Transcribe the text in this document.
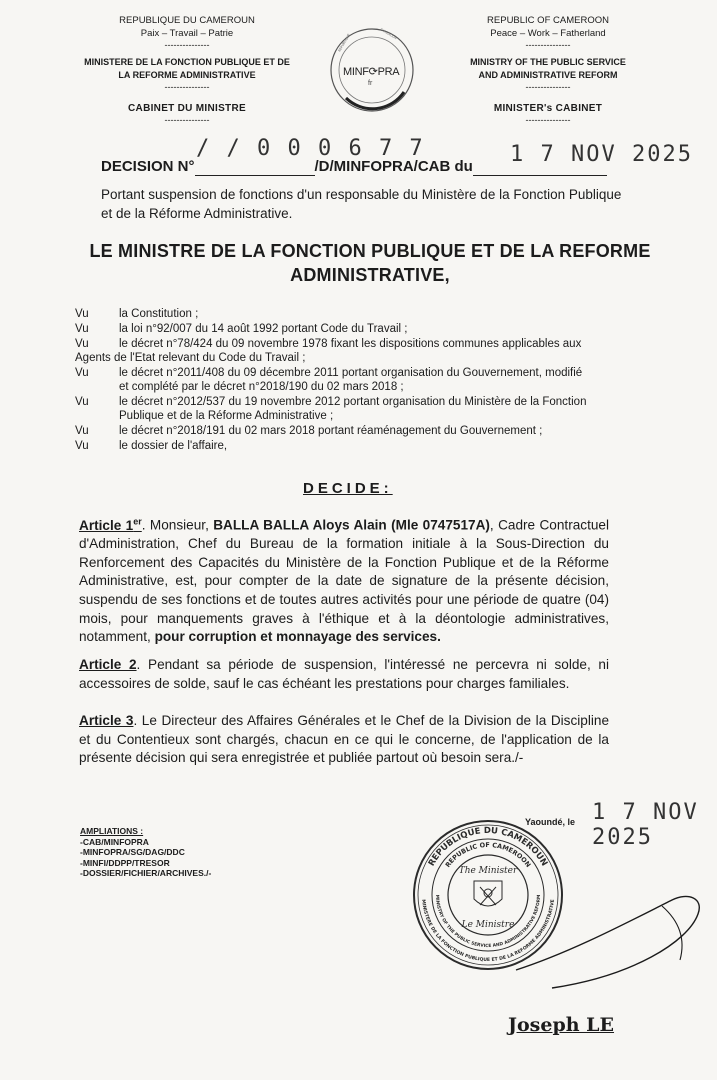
REPUBLIQUE DU CAMEROUN
Paix – Travail – Patrie
---------------
MINISTERE DE LA FONCTION PUBLIQUE ET DE
LA REFORME ADMINISTRATIVE
---------------
CABINET DU MINISTRE
---------------
REPUBLIQUE	CAMEROUN
MINF⟳PRA
fr
REPUBLIC OF CAMEROON
Peace – Work – Fatherland
---------------
MINISTRY OF THE PUBLIC SERVICE
AND ADMINISTRATIVE REFORM
---------------
MINISTER's CABINET
---------------
/ / 0 0 0 6 7 7	1 7 NOV 2025
DECISION N°	/D/MINFOPRA/CAB du
Portant suspension de fonctions d'un responsable du Ministère de la Fonction Publique
et de la Réforme Administrative.
LE MINISTRE DE LA FONCTION PUBLIQUE ET DE LA REFORME
ADMINISTRATIVE,
Vu	la Constitution ;
Vu	la loi n°92/007 du 14 août 1992 portant Code du Travail ;
Vu	le décret n°78/424 du 09 novembre 1978 fixant les dispositions communes applicables aux
Agents de l'Etat relevant du Code du Travail ;
Vu	le décret n°2011/408 du 09 décembre 2011 portant organisation du Gouvernement, modifié
et complété par le décret n°2018/190 du 02 mars 2018 ;
Vu	le décret n°2012/537 du 19 novembre 2012 portant organisation du Ministère de la Fonction
Publique et de la Réforme Administrative ;
Vu	le décret n°2018/191 du 02 mars 2018 portant réaménagement du Gouvernement ;
Vu	le dossier de l'affaire,
DECIDE:
Article 1er. Monsieur, BALLA BALLA Aloys Alain (Mle 0747517A), Cadre Contractuel d'Administration, Chef du Bureau de la formation initiale à la Sous-Direction du Renforcement des Capacités du Ministère de la Fonction Publique et de la Réforme Administrative, est, pour compter de la date de signature de la présente décision, suspendu de ses fonctions et de toutes autres activités pour une période de quatre (04) mois, pour manquements graves à l'éthique et à la déontologie administratives, notamment, pour corruption et monnayage des services.
Article 2. Pendant sa période de suspension, l'intéressé ne percevra ni solde, ni accessoires de solde, sauf le cas échéant les prestations pour charges familiales.
Article 3. Le Directeur des Affaires Générales et le Chef de la Division de la Discipline et du Contentieux sont chargés, chacun en ce qui le concerne, de l'application de la présente décision qui sera enregistrée et publiée partout où besoin sera./-
Yaoundé, le 1 7 NOV 2025
AMPLIATIONS :
-CAB/MINFOPRA
-MINFOPRA/SG/DAG/DDC
-MINFI/DDPP/TRESOR
-DOSSIER/FICHIER/ARCHIVES./-
REPUBLIQUE DU CAMEROUN
REPUBLIC OF CAMEROON
MINISTERE DE LA FONCTION PUBLIQUE ET DE LA REFORME ADMINISTRATIVE
MINISTRY OF THE PUBLIC SERVICE AND ADMINISTRATIVE REFORM
The Minister
Le Ministre
Joseph LE
